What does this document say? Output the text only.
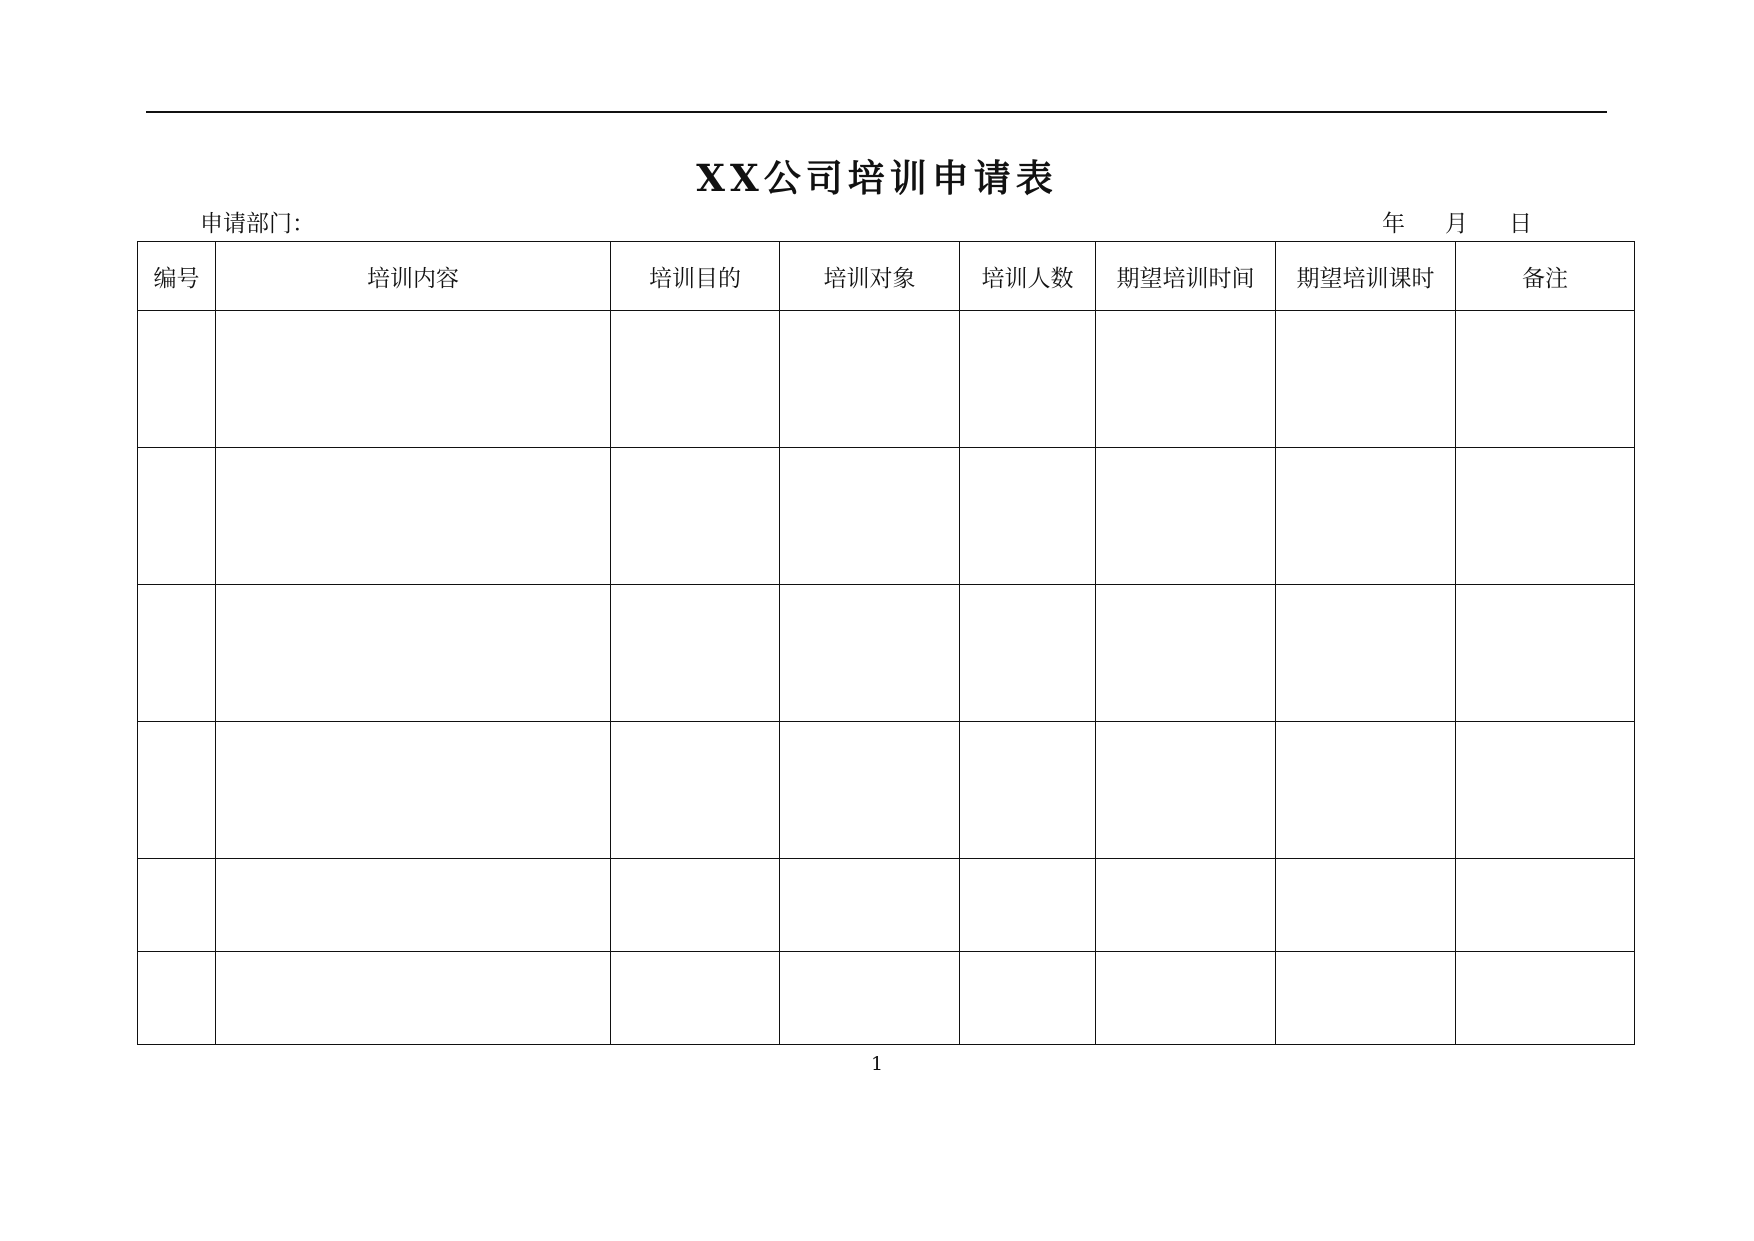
XX公司培训申请表
申请部门：	年 月 日
编号	培训内容	培训目的	培训对象	培训人数	期望培训时间	期望培训课时	备注

1
